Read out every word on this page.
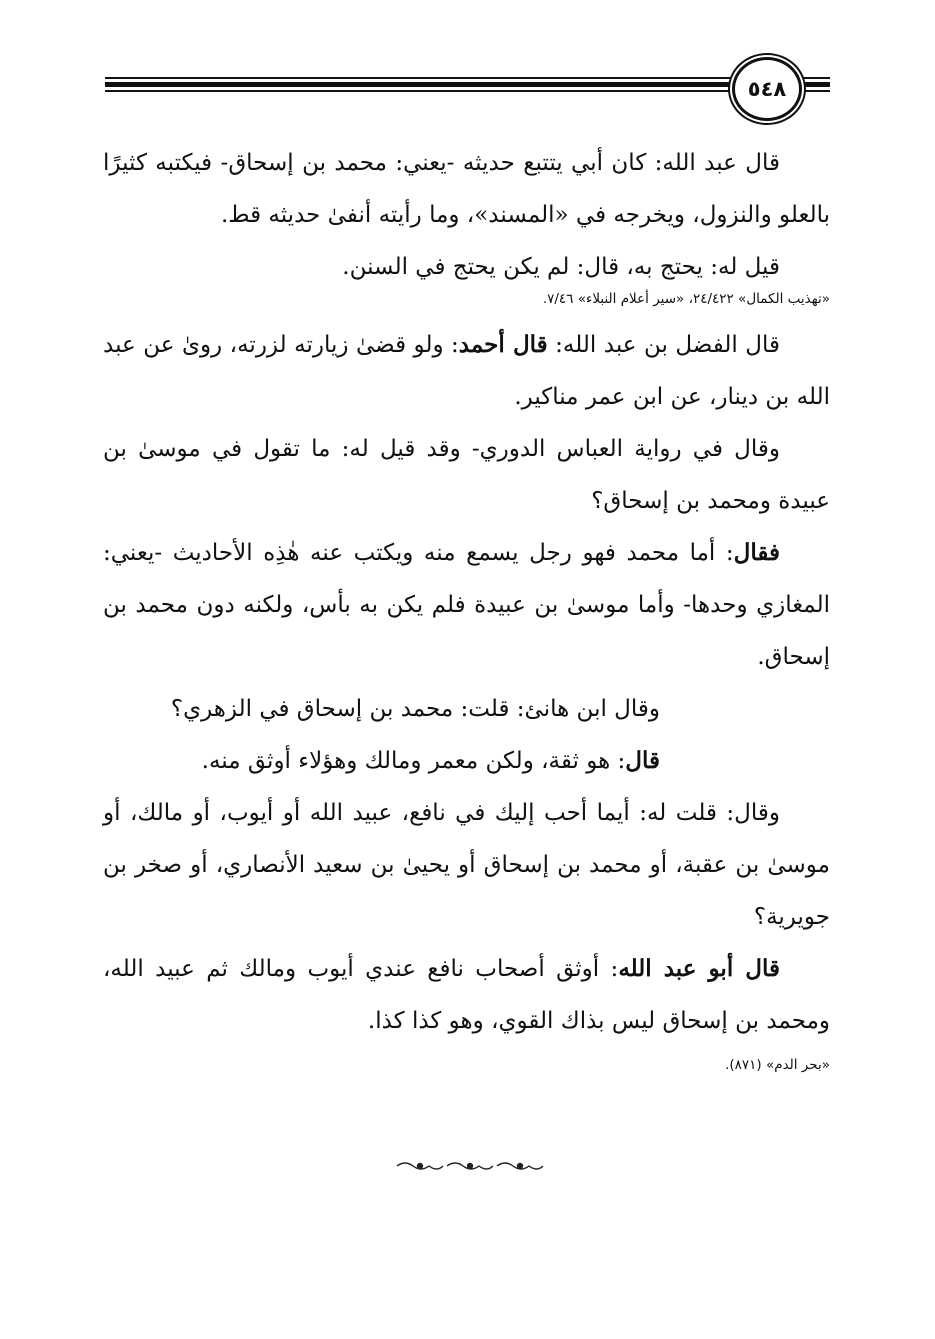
٥٤٨

قال عبد الله: كان أبي يتتبع حديثه -يعني: محمد بن إسحاق- فيكتبه كثيرًا بالعلو والنزول، ويخرجه في «المسند»، وما رأيته أنفىٰ حديثه قط.

قيل له: يحتج به، قال: لم يكن يحتج في السنن.

«تهذيب الكمال» ٢٤/٤٢٢، «سير أعلام النبلاء» ٧/٤٦.

قال الفضل بن عبد الله: قال أحمد: ولو قضىٰ زيارته لزرته، روىٰ عن عبد الله بن دينار، عن ابن عمر مناكير.

وقال في رواية العباس الدوري- وقد قيل له: ما تقول في موسىٰ بن عبيدة ومحمد بن إسحاق؟

فقال: أما محمد فهو رجل يسمع منه ويكتب عنه هٰذِه الأحاديث -يعني: المغازي وحدها- وأما موسىٰ بن عبيدة فلم يكن به بأس، ولكنه دون محمد بن إسحاق.

وقال ابن هانئ: قلت: محمد بن إسحاق في الزهري؟

قال: هو ثقة، ولكن معمر ومالك وهؤلاء أوثق منه.

وقال: قلت له: أيما أحب إليك في نافع، عبيد الله أو أيوب، أو مالك، أو موسىٰ بن عقبة، أو محمد بن إسحاق أو يحيىٰ بن سعيد الأنصاري، أو صخر بن جويرية؟

قال أبو عبد الله: أوثق أصحاب نافع عندي أيوب ومالك ثم عبيد الله، ومحمد بن إسحاق ليس بذاك القوي، وهو كذا كذا.

«بحر الدم» (٨٧١).
